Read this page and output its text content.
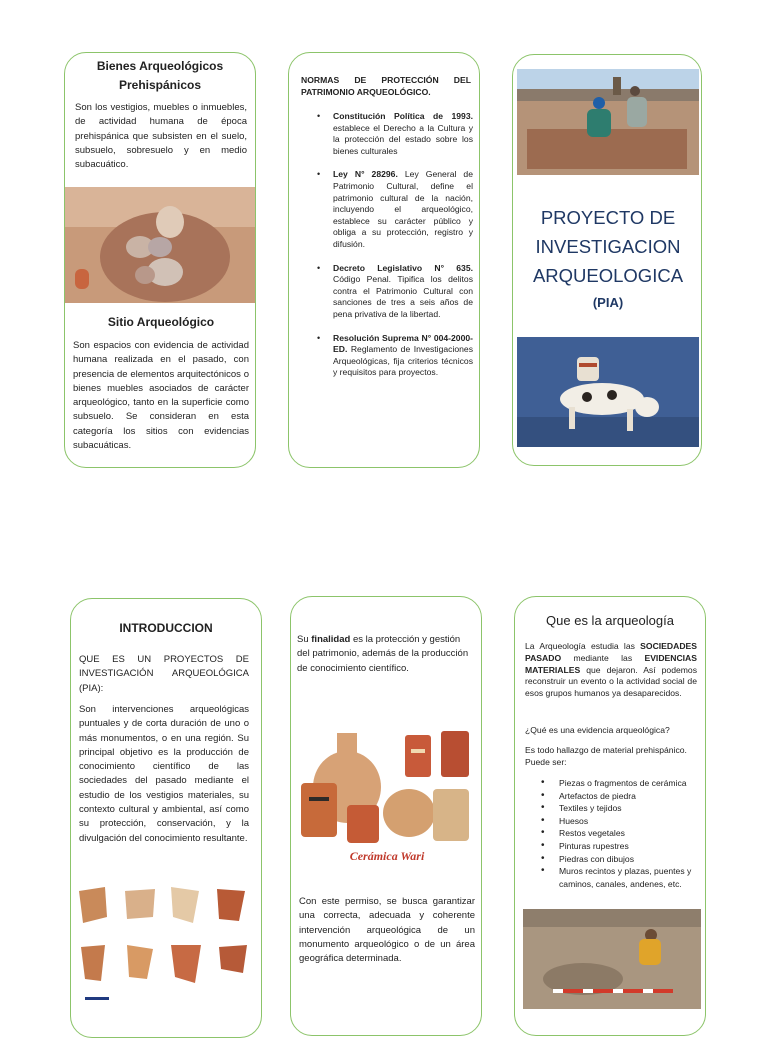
Bienes Arqueológicos Prehispánicos
Son los vestigios, muebles o inmuebles, de actividad humana de época prehispánica que subsisten en el suelo, subsuelo, sobresuelo y en medio subacuático.
Sitio Arqueológico
Son espacios con evidencia de actividad humana realizada en el pasado, con presencia de elementos arquitectónicos o bienes muebles asociados de carácter arqueológico, tanto en la superficie como subsuelo. Se consideran en esta categoría los sitios con evidencias subacuáticas.
NORMAS DE PROTECCIÓN DEL PATRIMONIO ARQUEOLÓGICO.
• Constitución Política de 1993. establece el Derecho a la Cultura y la protección del estado sobre los bienes culturales
• Ley N° 28296. Ley General de Patrimonio Cultural, define el patrimonio cultural de la nación, incluyendo el arqueológico, establece su carácter público y obliga a su protección, registro y difusión.
• Decreto Legislativo N° 635. Código Penal. Tipifica los delitos contra el Patrimonio Cultural con sanciones de tres a seis años de pena privativa de la libertad.
• Resolución Suprema N° 004-2000-ED. Reglamento de Investigaciones Arqueológicas, fija criterios técnicos y requisitos para proyectos.
PROYECTO DE
INVESTIGACION
ARQUEOLOGICA
(PIA)
INTRODUCCION
QUE ES UN PROYECTOS DE INVESTIGACIÓN ARQUEOLÓGICA (PIA):
Son intervenciones arqueológicas puntuales y de corta duración de uno o más monumentos, o en una región. Su principal objetivo es la producción de conocimiento científico de las sociedades del pasado mediante el estudio de los vestigios materiales, su contexto cultural y ambiental, así como su protección, conservación, y la divulgación del conocimiento resultante.
Su finalidad es la protección y gestión del patrimonio, además de la producción de conocimiento científico.
Cerámica Wari
Con este permiso, se busca garantizar una correcta, adecuada y coherente intervención arqueológica de un monumento arqueológico o de un área geográfica determinada.
Que es la arqueología
La Arqueología estudia las SOCIEDADES PASADO mediante las EVIDENCIAS MATERIALES que dejaron. Así podemos reconstruir un evento o la actividad social de esos grupos humanos ya desaparecidos.
¿Qué es una evidencia arqueológica?
Es todo hallazgo de material prehispánico. Puede ser:
• Piezas o fragmentos de cerámica
• Artefactos de piedra
• Textiles y tejidos
• Huesos
• Restos vegetales
• Pinturas rupestres
• Piedras con dibujos
• Muros recintos y plazas, puentes y caminos, canales, andenes, etc.
